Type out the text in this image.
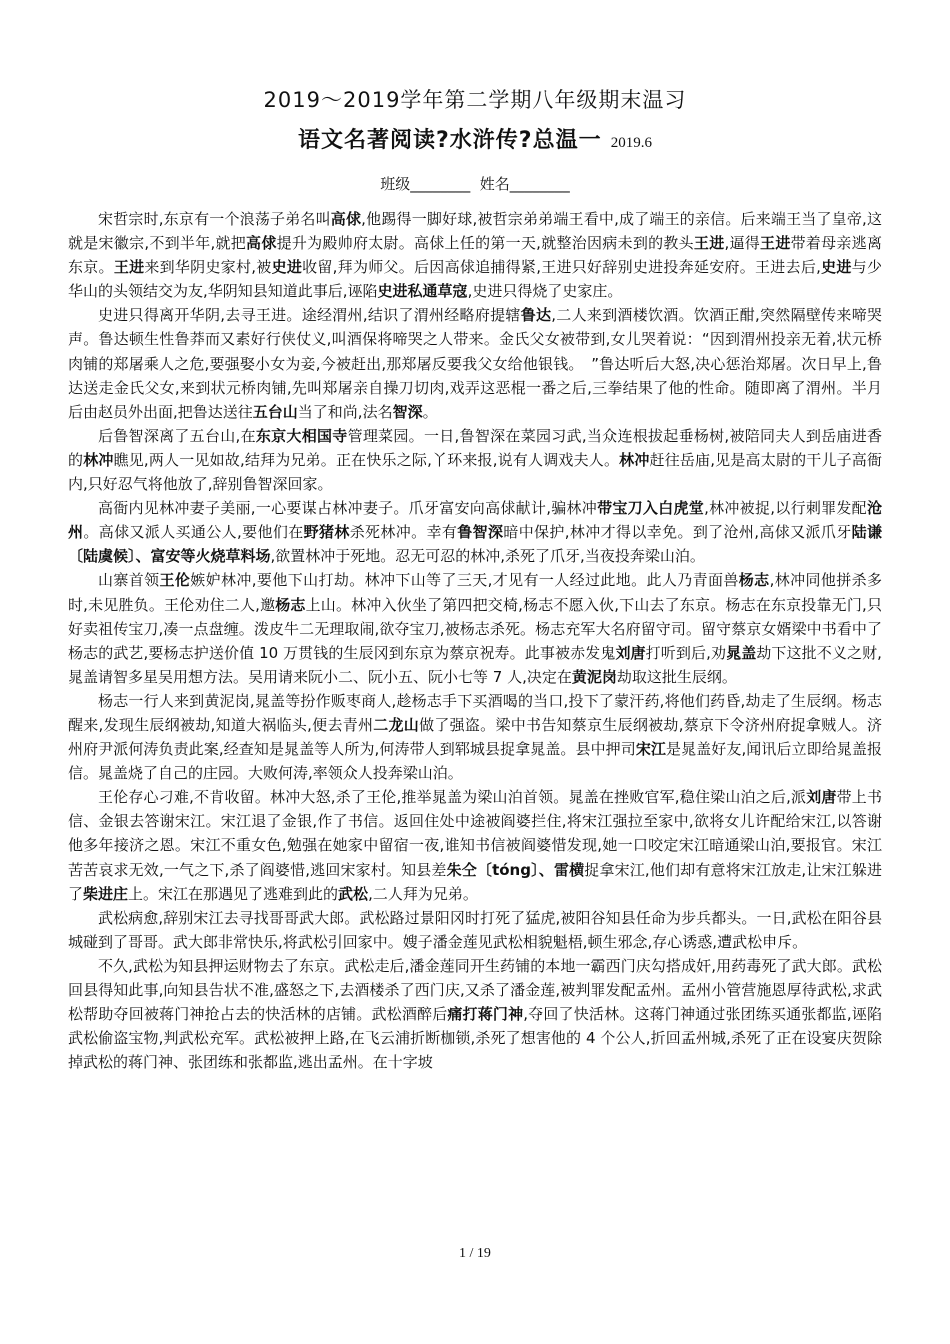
2019～2019学年第二学期八年级期末温习
语文名著阅读?水浒传?总温⼀ 2019.6
班级________ 姓名________

宋哲宗时,东京有一个浪荡子弟名叫高俅,他踢得一脚好球,被哲宗弟弟端王看中,成了端王的亲信。后来端王当了皇帝,这就是宋徽宗,不到半年,就把高俅提升为殿帅府太尉。高俅上任的第一天,就整治因病未到的教头王进,逼得王进带着母亲逃离东京。王进来到华阴史家村,被史进收留,拜为师父。后因高俅追捕得紧,王进只好辞别史进投奔延安府。王进去后,史进与少华山的头领结交为友,华阴知县知道此事后,诬陷史进私通草寇,史进只得烧了史家庄。

史进只得离开华阴,去寻王进。途经渭州,结识了渭州经略府提辖鲁达,二人来到酒楼饮酒。饮酒正酣,突然隔壁传来啼哭声。鲁达顿生性鲁莽而又素好行侠仗义,叫酒保将啼哭之人带来。金氏父女被带到,女儿哭着说：“因到渭州投亲无着,状元桥肉铺的郑屠乘人之危,要强娶小女为妾,今被赶出,那郑屠反要我父女给他银钱。　”鲁达听后大怒,决心惩治郑屠。次日早上,鲁达送走金氏父女,来到状元桥肉铺,先叫郑屠亲自操刀切肉,戏弄这恶棍一番之后,三拳结果了他的性命。随即离了渭州。半月后由赵员外出面,把鲁达送往五台山当了和尚,法名智深。

后鲁智深离了五台山,在东京大相国寺管理菜园。一日,鲁智深在菜园习武,当众连根拔起垂杨树,被陪同夫人到岳庙进香的林冲瞧见,两人一见如故,结拜为兄弟。正在快乐之际,丫环来报,说有人调戏夫人。林冲赶往岳庙,见是高太尉的干儿子高衙内,只好忍气将他放了,辞别鲁智深回家。

高衙内见林冲妻子美丽,一心要谋占林冲妻子。爪牙富安向高俅献计,骗林冲带宝刀入白虎堂,林冲被捉,以行刺罪发配沧州。高俅又派人买通公人,要他们在野猪林杀死林冲。幸有鲁智深暗中保护,林冲才得以幸免。到了沧州,高俅又派爪牙陆谦〔陆虞候〕、富安等火烧草料场,欲置林冲于死地。忍无可忍的林冲,杀死了爪牙,当夜投奔梁山泊。

山寨首领王伦嫉妒林冲,要他下山打劫。林冲下山等了三天,才见有一人经过此地。此人乃青面兽杨志,林冲同他拼杀多时,未见胜负。王伦劝住二人,邀杨志上山。林冲入伙坐了第四把交椅,杨志不愿入伙,下山去了东京。杨志在东京投靠无门,只好卖祖传宝刀,凑一点盘缠。泼皮牛二无理取闹,欲夺宝刀,被杨志杀死。杨志充军大名府留守司。留守蔡京女婿梁中书看中了杨志的武艺,要杨志护送价值 10 万贯钱的生辰冈到东京为蔡京祝寿。此事被赤发鬼刘唐打听到后,劝晁盖劫下这批不义之财,晁盖请智多星吴用想方法。吴用请来阮小二、阮小五、阮小七等 7 人,决定在黄泥岗劫取这批生辰纲。

杨志一行人来到黄泥岗,晁盖等扮作贩枣商人,趁杨志手下买酒喝的当口,投下了蒙汗药,将他们药昏,劫走了生辰纲。杨志醒来,发现生辰纲被劫,知道大祸临头,便去青州二龙山做了强盗。梁中书告知蔡京生辰纲被劫,蔡京下令济州府捉拿贼人。济州府尹派何涛负责此案,经查知是晁盖等人所为,何涛带人到郓城县捉拿晁盖。县中押司宋江是晁盖好友,闻讯后立即给晁盖报信。晁盖烧了自己的庄园。大败何涛,率领众人投奔梁山泊。

王伦存心刁难,不肯收留。林冲大怒,杀了王伦,推举晁盖为梁山泊首领。晁盖在挫败官军,稳住梁山泊之后,派刘唐带上书信、金银去答谢宋江。宋江退了金银,作了书信。返回住处中途被阎婆拦住,将宋江强拉至家中,欲将女儿许配给宋江,以答谢他多年接济之恩。宋江不重女色,勉强在她家中留宿一夜,谁知书信被阎婆惜发现,她一口咬定宋江暗通梁山泊,要报官。宋江苦苦哀求无效,一气之下,杀了阎婆惜,逃回宋家村。知县差朱仝〔tóng〕、雷横捉拿宋江,他们却有意将宋江放走,让宋江躲进了柴进庄上。宋江在那遇见了逃难到此的武松,二人拜为兄弟。

武松病愈,辞别宋江去寻找哥哥武大郎。武松路过景阳冈时打死了猛虎,被阳谷知县任命为步兵都头。一日,武松在阳谷县城碰到了哥哥。武大郎非常快乐,将武松引回家中。嫂子潘金莲见武松相貌魁梧,顿生邪念,存心诱惑,遭武松申斥。

不久,武松为知县押运财物去了东京。武松走后,潘金莲同开生药铺的本地一霸西门庆勾搭成奸,用药毒死了武大郎。武松回县得知此事,向知县告状不准,盛怒之下,去酒楼杀了西门庆,又杀了潘金莲,被判罪发配孟州。孟州小管营施恩厚待武松,求武松帮助夺回被蒋门神抢占去的快活林的店铺。武松酒醉后痛打蒋门神,夺回了快活林。这蒋门神通过张团练买通张都监,诬陷武松偷盗宝物,判武松充军。武松被押上路,在飞云浦折断枷锁,杀死了想害他的 4 个公人,折回孟州城,杀死了正在设宴庆贺除掉武松的蒋门神、张团练和张都监,逃出孟州。在十字坡

1 / 19
